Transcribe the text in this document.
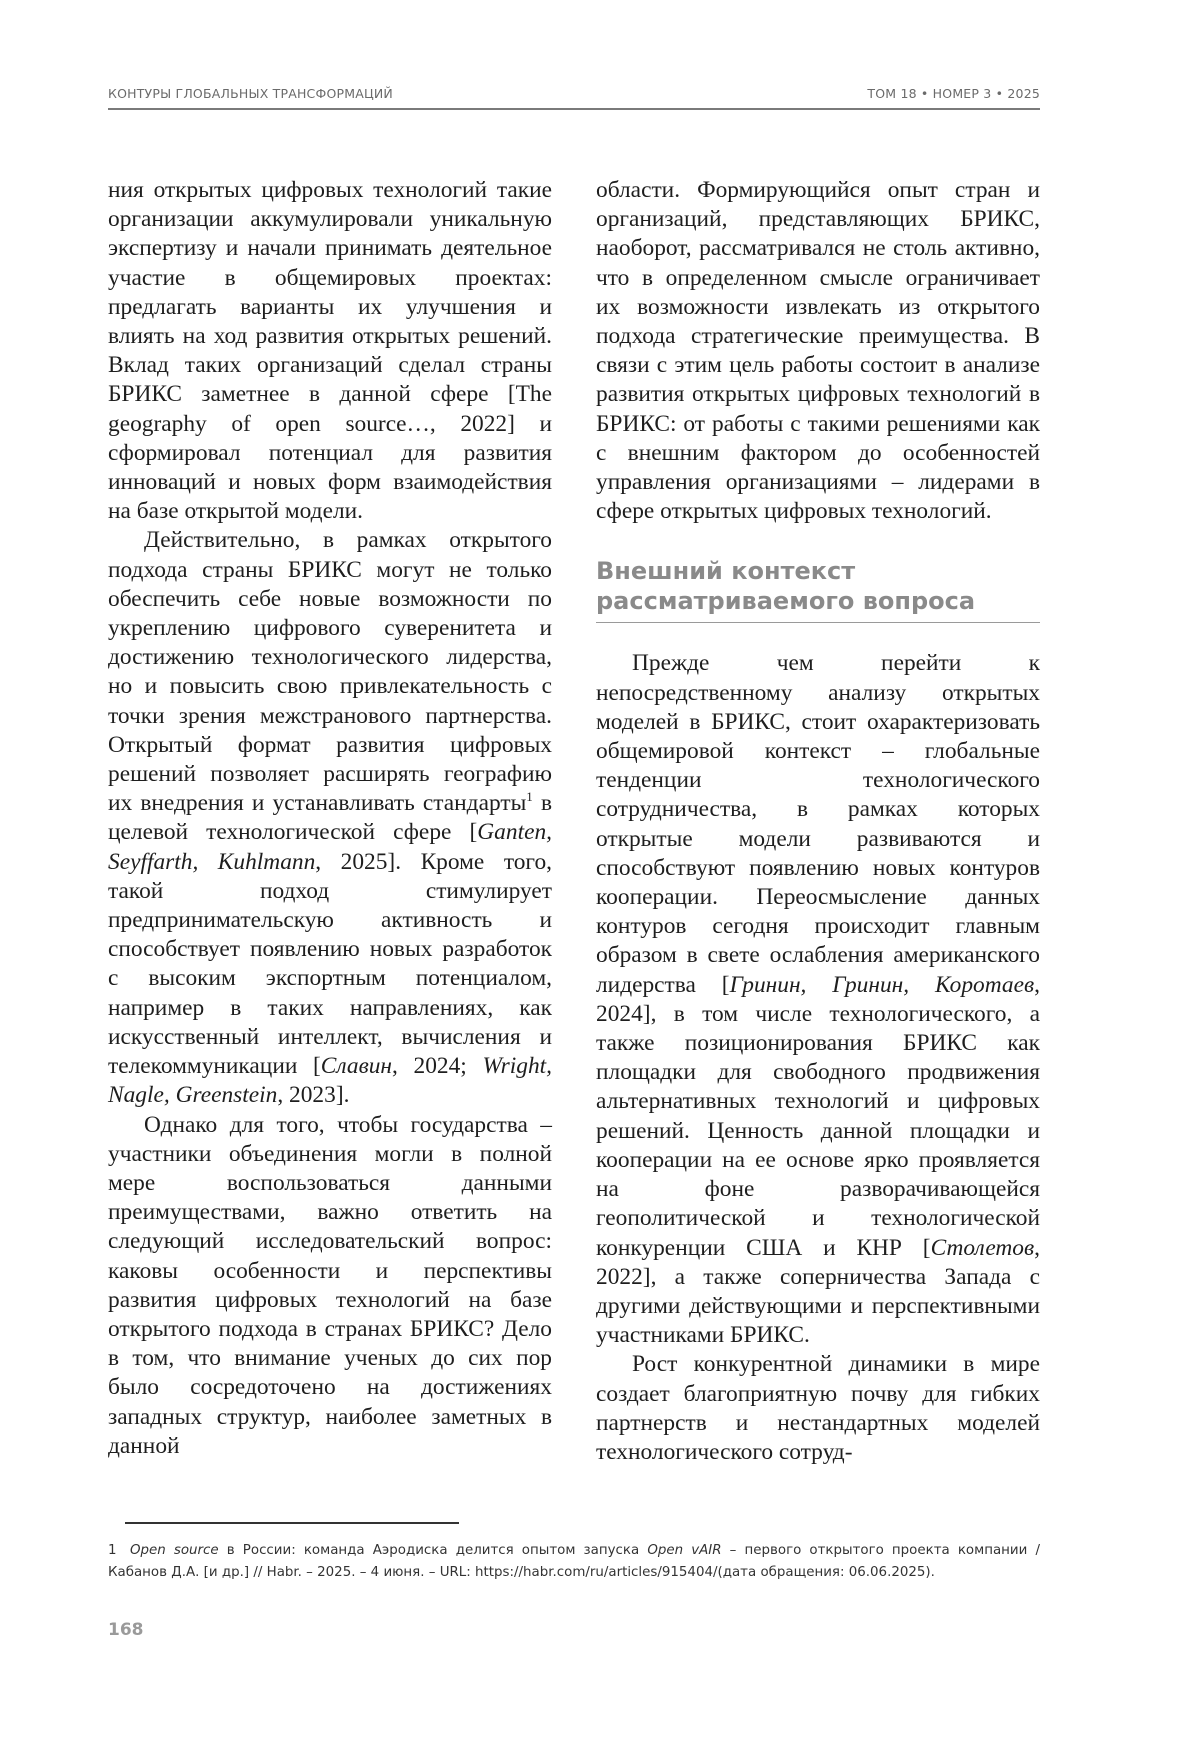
КОНТУРЫ ГЛОБАЛЬНЫХ ТРАНСФОРМАЦИЙ	ТОМ 18 • НОМЕР 3 • 2025

ния открытых цифровых технологий такие организации аккумулировали уникальную экспертизу и начали принимать деятельное участие в общемировых проектах: предлагать варианты их улучшения и влиять на ход развития открытых решений. Вклад таких организаций сделал страны БРИКС заметнее в данной сфере [The geography of open source…, 2022] и сформировал потенциал для развития инноваций и новых форм взаимодействия на базе открытой модели.

Действительно, в рамках открытого подхода страны БРИКС могут не только обеспечить себе новые возможности по укреплению цифрового суверенитета и достижению технологического лидерства, но и повысить свою привлекательность с точки зрения межстранового партнерства. Открытый формат развития цифровых решений позволяет расширять географию их внедрения и устанавливать стандарты$^1$ в целевой технологической сфере [Ganten, Seyffarth, Kuhlmann, 2025]. Кроме того, такой подход стимулирует предпринимательскую активность и способствует появлению новых разработок с высоким экспортным потенциалом, например в таких направлениях, как искусственный интеллект, вычисления и телекоммуникации [Славин, 2024; Wright, Nagle, Greenstein, 2023].

Однако для того, чтобы государства – участники объединения могли в полной мере воспользоваться данными преимуществами, важно ответить на следующий исследовательский вопрос: каковы особенности и перспективы развития цифровых технологий на базе открытого подхода в странах БРИКС? Дело в том, что внимание ученых до сих пор было сосредоточено на достижениях западных структур, наиболее заметных в данной

области. Формирующийся опыт стран и организаций, представляющих БРИКС, наоборот, рассматривался не столь активно, что в определенном смысле ограничивает их возможности извлекать из открытого подхода стратегические преимущества. В связи с этим цель работы состоит в анализе развития открытых цифровых технологий в БРИКС: от работы с такими решениями как с внешним фактором до особенностей управления организациями – лидерами в сфере открытых цифровых технологий.

Внешний контекст
рассматриваемого вопроса

Прежде чем перейти к непосредственному анализу открытых моделей в БРИКС, стоит охарактеризовать общемировой контекст – глобальные тенденции технологического сотрудничества, в рамках которых открытые модели развиваются и способствуют появлению новых контуров кооперации. Переосмысление данных контуров сегодня происходит главным образом в свете ослабления американского лидерства [Гринин, Гринин, Коротаев, 2024], в том числе технологического, а также позиционирования БРИКС как площадки для свободного продвижения альтернативных технологий и цифровых решений. Ценность данной площадки и кооперации на ее основе ярко проявляется на фоне разворачивающейся геополитической и технологической конкуренции США и КНР [Столетов, 2022], а также соперничества Запада с другими действующими и перспективными участниками БРИКС.

Рост конкурентной динамики в мире создает благоприятную почву для гибких партнерств и нестандартных моделей технологического сотруд-

1 Open source в России: команда Аэродиска делится опытом запуска Open vAIR – первого открытого проекта компании / Кабанов Д.А. [и др.] // Habr. – 2025. – 4 июня. – URL: https://habr.com/ru/articles/915404/(дата обращения: 06.06.2025).
168
